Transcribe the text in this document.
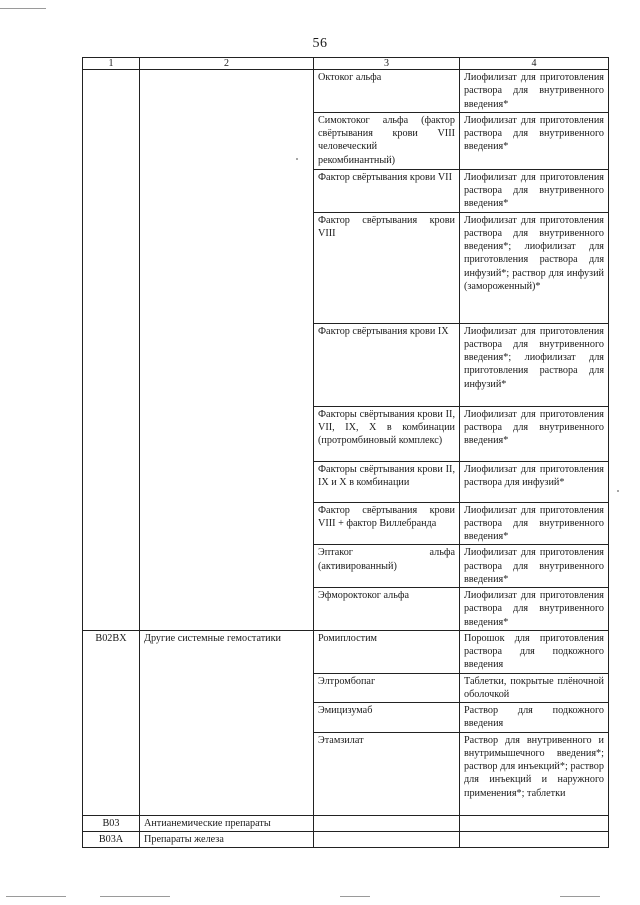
56
1	2	3	4
		Октоког альфа	Лиофилизат для приготовления раствора для внутривенного введения*
		Симоктоког альфа (фактор свёртывания крови VIII человеческий рекомбинантный)	Лиофилизат для приготовления раствора для внутривенного введения*
		Фактор свёртывания крови VII	Лиофилизат для приготовления раствора для внутривенного введения*
		Фактор свёртывания крови VIII	Лиофилизат для приготовления раствора для внутривенного введения*; лиофилизат для приготовления раствора для инфузий*; раствор для инфузий (замороженный)*
		Фактор свёртывания крови IX	Лиофилизат для приготовления раствора для внутривенного введения*; лиофилизат для приготовления раствора для инфузий*
		Факторы свёртывания крови II, VII, IX, X в комбинации (протромбиновый комплекс)	Лиофилизат для приготовления раствора для внутривенного введения*
		Факторы свёртывания крови II, IX и X в комбинации	Лиофилизат для приготовления раствора для инфузий*
		Фактор свёртывания крови VIII + фактор Виллебранда	Лиофилизат для приготовления раствора для внутривенного введения*
		Эптаког альфа (активированный)	Лиофилизат для приготовления раствора для внутривенного введения*
		Эфмороктоког альфа	Лиофилизат для приготовления раствора для внутривенного введения*
B02BX	Другие системные гемостатики	Ромиплостим	Порошок для приготовления раствора для подкожного введения
		Элтромбопаг	Таблетки, покрытые плёночной оболочкой
		Эмицизумаб	Раствор для подкожного введения
		Этамзилат	Раствор для внутривенного и внутримышечного введения*; раствор для инъекций*; раствор для инъекций и наружного применения*; таблетки
B03	Антианемические препараты		
B03A	Препараты железа		
